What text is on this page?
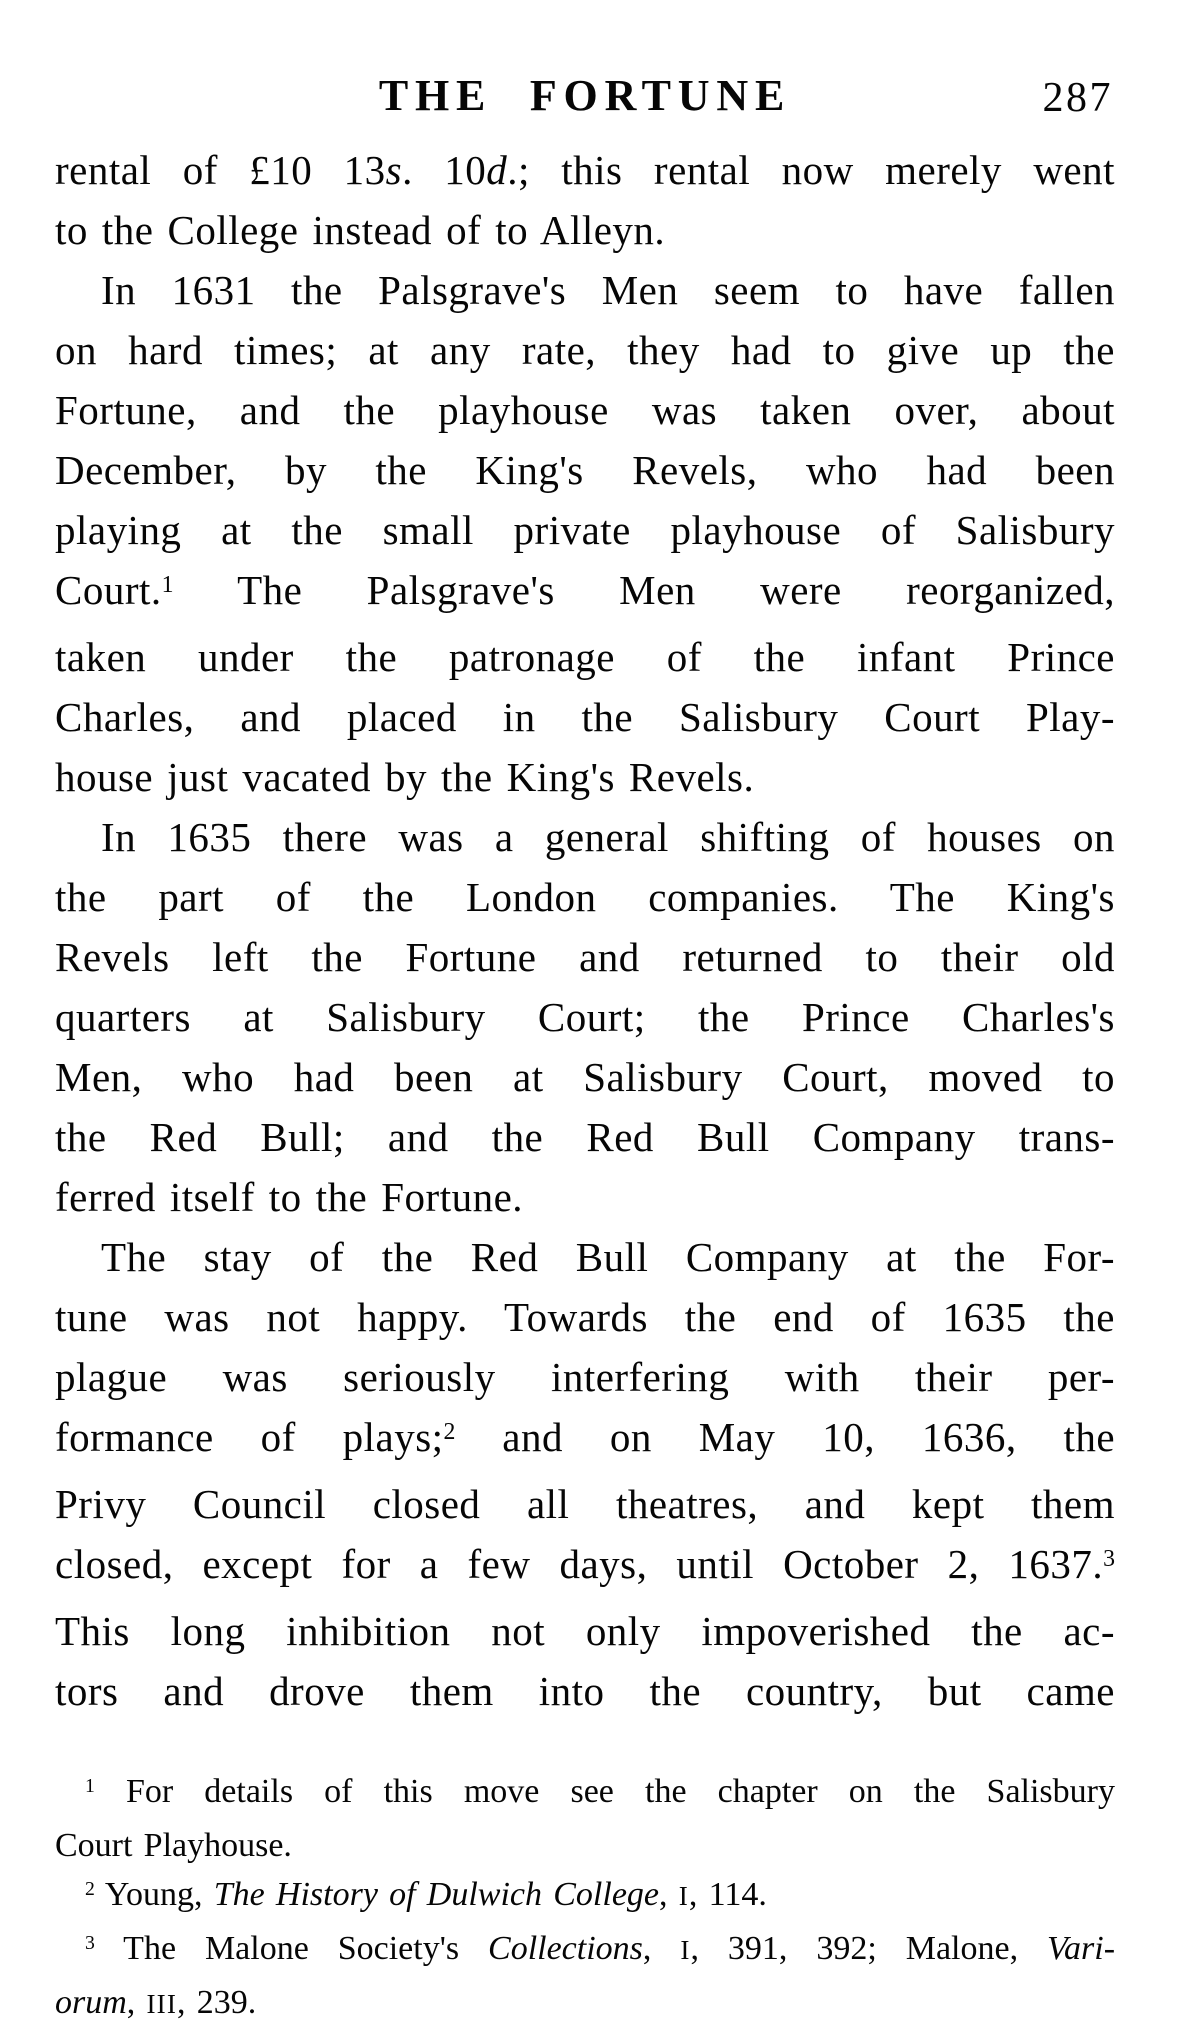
THE FORTUNE	287
rental of £10 13s. 10d.; this rental now merely went
to the College instead of to Alleyn.
In 1631 the Palsgrave's Men seem to have fallen
on hard times; at any rate, they had to give up the
Fortune, and the playhouse was taken over, about
December, by the King's Revels, who had been
playing at the small private playhouse of Salisbury
Court.$^1$ The Palsgrave's Men were reorganized,
taken under the patronage of the infant Prince
Charles, and placed in the Salisbury Court Play-
house just vacated by the King's Revels.
In 1635 there was a general shifting of houses on
the part of the London companies. The King's
Revels left the Fortune and returned to their old
quarters at Salisbury Court; the Prince Charles's
Men, who had been at Salisbury Court, moved to
the Red Bull; and the Red Bull Company trans-
ferred itself to the Fortune.
The stay of the Red Bull Company at the For-
tune was not happy. Towards the end of 1635 the
plague was seriously interfering with their per-
formance of plays;$^2$ and on May 10, 1636, the
Privy Council closed all theatres, and kept them
closed, except for a few days, until October 2, 1637.$^3$
This long inhibition not only impoverished the ac-
tors and drove them into the country, but came
$^1$ For details of this move see the chapter on the Salisbury
Court Playhouse.
$^2$ Young, The History of Dulwich College, I, 114.
$^3$ The Malone Society's Collections, I, 391, 392; Malone, Vari-
orum, III, 239.
